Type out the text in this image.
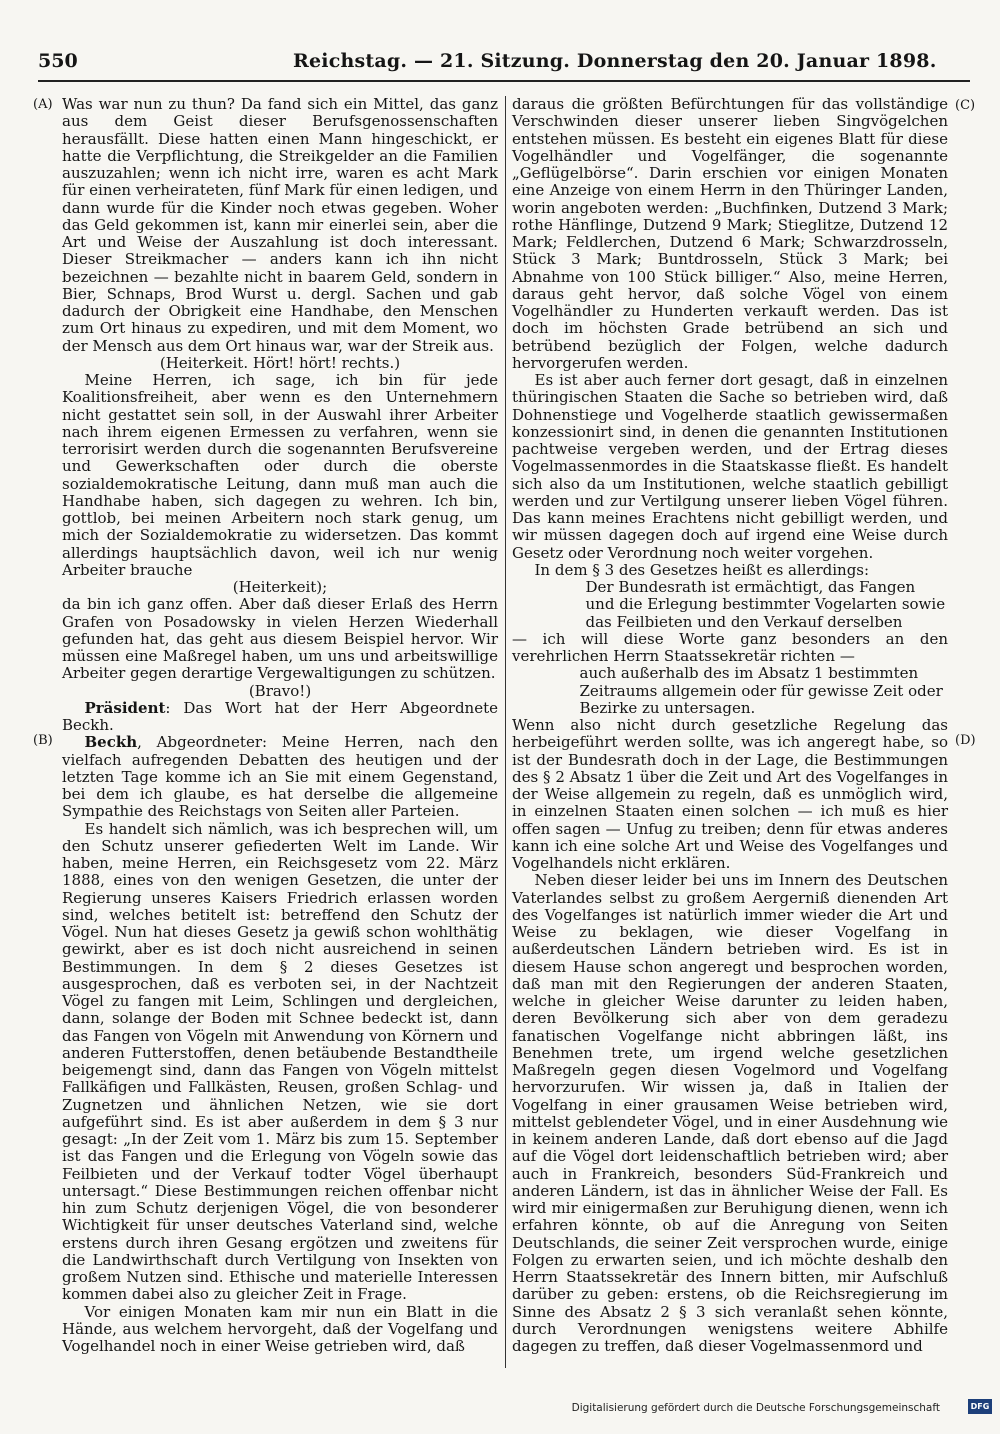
550	Reichstag. — 21. Sitzung. Donnerstag den 20. Januar 1898.
(A)
(B)
(C)
(D)

Was war nun zu thun? Da fand sich ein Mittel, das ganz aus dem Geist dieser Berufsgenossenschaften herausfällt. Diese hatten einen Mann hingeschickt, er hatte die Verpflichtung, die Streikgelder an die Familien auszuzahlen; wenn ich nicht irre, waren es acht Mark für einen verheirateten, fünf Mark für einen ledigen, und dann wurde für die Kinder noch etwas gegeben. Woher das Geld gekommen ist, kann mir einerlei sein, aber die Art und Weise der Auszahlung ist doch interessant. Dieser Streikmacher — anders kann ich ihn nicht bezeichnen — bezahlte nicht in baarem Geld, sondern in Bier, Schnaps, Brod Wurst u. dergl. Sachen und gab dadurch der Obrigkeit eine Handhabe, den Menschen zum Ort hinaus zu expediren, und mit dem Moment, wo der Mensch aus dem Ort hinaus war, war der Streik aus.

(Heiterkeit. Hört! hört! rechts.)

Meine Herren, ich sage, ich bin für jede Koalitionsfreiheit, aber wenn es den Unternehmern nicht gestattet sein soll, in der Auswahl ihrer Arbeiter nach ihrem eigenen Ermessen zu verfahren, wenn sie terrorisirt werden durch die sogenannten Berufsvereine und Gewerkschaften oder durch die oberste sozialdemokratische Leitung, dann muß man auch die Handhabe haben, sich dagegen zu wehren. Ich bin, gottlob, bei meinen Arbeitern noch stark genug, um mich der Sozialdemokratie zu widersetzen. Das kommt allerdings hauptsächlich davon, weil ich nur wenig Arbeiter brauche

(Heiterkeit);

da bin ich ganz offen. Aber daß dieser Erlaß des Herrn Grafen von Posadowsky in vielen Herzen Wiederhall gefunden hat, das geht aus diesem Beispiel hervor. Wir müssen eine Maßregel haben, um uns und arbeitswillige Arbeiter gegen derartige Vergewaltigungen zu schützen.

(Bravo!)

Präsident: Das Wort hat der Herr Abgeordnete Beckh.

Beckh, Abgeordneter: Meine Herren, nach den vielfach aufregenden Debatten des heutigen und der letzten Tage komme ich an Sie mit einem Gegenstand, bei dem ich glaube, es hat derselbe die allgemeine Sympathie des Reichstags von Seiten aller Parteien.

Es handelt sich nämlich, was ich besprechen will, um den Schutz unserer gefiederten Welt im Lande. Wir haben, meine Herren, ein Reichsgesetz vom 22. März 1888, eines von den wenigen Gesetzen, die unter der Regierung unseres Kaisers Friedrich erlassen worden sind, welches betitelt ist: betreffend den Schutz der Vögel. Nun hat dieses Gesetz ja gewiß schon wohlthätig gewirkt, aber es ist doch nicht ausreichend in seinen Bestimmungen. In dem § 2 dieses Gesetzes ist ausgesprochen, daß es verboten sei, in der Nachtzeit Vögel zu fangen mit Leim, Schlingen und dergleichen, dann, solange der Boden mit Schnee bedeckt ist, dann das Fangen von Vögeln mit Anwendung von Körnern und anderen Futterstoffen, denen betäubende Bestandtheile beigemengt sind, dann das Fangen von Vögeln mittelst Fallkäfigen und Fallkästen, Reusen, großen Schlag- und Zugnetzen und ähnlichen Netzen, wie sie dort aufgeführt sind. Es ist aber außerdem in dem § 3 nur gesagt: „In der Zeit vom 1. März bis zum 15. September ist das Fangen und die Erlegung von Vögeln sowie das Feilbieten und der Verkauf todter Vögel überhaupt untersagt.“ Diese Bestimmungen reichen offenbar nicht hin zum Schutz derjenigen Vögel, die von besonderer Wichtigkeit für unser deutsches Vaterland sind, welche erstens durch ihren Gesang ergötzen und zweitens für die Landwirthschaft durch Vertilgung von Insekten von großem Nutzen sind. Ethische und materielle Interessen kommen dabei also zu gleicher Zeit in Frage.

Vor einigen Monaten kam mir nun ein Blatt in die Hände, aus welchem hervorgeht, daß der Vogelfang und Vogelhandel noch in einer Weise getrieben wird, daß

daraus die größten Befürchtungen für das vollständige Verschwinden dieser unserer lieben Singvögelchen entstehen müssen. Es besteht ein eigenes Blatt für diese Vogelhändler und Vogelfänger, die sogenannte „Geflügelbörse“. Darin erschien vor einigen Monaten eine Anzeige von einem Herrn in den Thüringer Landen, worin angeboten werden: „Buchfinken, Dutzend 3 Mark; rothe Hänflinge, Dutzend 9 Mark; Stieglitze, Dutzend 12 Mark; Feldlerchen, Dutzend 6 Mark; Schwarzdrosseln, Stück 3 Mark; Buntdrosseln, Stück 3 Mark; bei Abnahme von 100 Stück billiger.“ Also, meine Herren, daraus geht hervor, daß solche Vögel von einem Vogelhändler zu Hunderten verkauft werden. Das ist doch im höchsten Grade betrübend an sich und betrübend bezüglich der Folgen, welche dadurch hervorgerufen werden.

Es ist aber auch ferner dort gesagt, daß in einzelnen thüringischen Staaten die Sache so betrieben wird, daß Dohnenstiege und Vogelherde staatlich gewissermaßen konzessionirt sind, in denen die genannten Institutionen pachtweise vergeben werden, und der Ertrag dieses Vogelmassenmordes in die Staatskasse fließt. Es handelt sich also da um Institutionen, welche staatlich gebilligt werden und zur Vertilgung unserer lieben Vögel führen. Das kann meines Erachtens nicht gebilligt werden, und wir müssen dagegen doch auf irgend eine Weise durch Gesetz oder Verordnung noch weiter vorgehen.

In dem § 3 des Gesetzes heißt es allerdings:

Der Bundesrath ist ermächtigt, das Fangen und die Erlegung bestimmter Vogelarten sowie das Feilbieten und den Verkauf derselben

— ich will diese Worte ganz besonders an den verehrlichen Herrn Staatssekretär richten —

auch außerhalb des im Absatz 1 bestimmten Zeitraums allgemein oder für gewisse Zeit oder Bezirke zu untersagen.

Wenn also nicht durch gesetzliche Regelung das herbeigeführt werden sollte, was ich angeregt habe, so ist der Bundesrath doch in der Lage, die Bestimmungen des § 2 Absatz 1 über die Zeit und Art des Vogelfanges in der Weise allgemein zu regeln, daß es unmöglich wird, in einzelnen Staaten einen solchen — ich muß es hier offen sagen — Unfug zu treiben; denn für etwas anderes kann ich eine solche Art und Weise des Vogelfanges und Vogelhandels nicht erklären.

Neben dieser leider bei uns im Innern des Deutschen Vaterlandes selbst zu großem Aergerniß dienenden Art des Vogelfanges ist natürlich immer wieder die Art und Weise zu beklagen, wie dieser Vogelfang in außerdeutschen Ländern betrieben wird. Es ist in diesem Hause schon angeregt und besprochen worden, daß man mit den Regierungen der anderen Staaten, welche in gleicher Weise darunter zu leiden haben, deren Bevölkerung sich aber von dem geradezu fanatischen Vogelfange nicht abbringen läßt, ins Benehmen trete, um irgend welche gesetzlichen Maßregeln gegen diesen Vogelmord und Vogelfang hervorzurufen. Wir wissen ja, daß in Italien der Vogelfang in einer grausamen Weise betrieben wird, mittelst geblendeter Vögel, und in einer Ausdehnung wie in keinem anderen Lande, daß dort ebenso auf die Jagd auf die Vögel dort leidenschaftlich betrieben wird; aber auch in Frankreich, besonders Süd-Frankreich und anderen Ländern, ist das in ähnlicher Weise der Fall. Es wird mir einigermaßen zur Beruhigung dienen, wenn ich erfahren könnte, ob auf die Anregung von Seiten Deutschlands, die seiner Zeit versprochen wurde, einige Folgen zu erwarten seien, und ich möchte deshalb den Herrn Staatssekretär des Innern bitten, mir Aufschluß darüber zu geben: erstens, ob die Reichsregierung im Sinne des Absatz 2 § 3 sich veranlaßt sehen könnte, durch Verordnungen wenigstens weitere Abhilfe dagegen zu treffen, daß dieser Vogelmassenmord und

Digitalisierung gefördert durch die Deutsche Forschungsgemeinschaft	DFG
